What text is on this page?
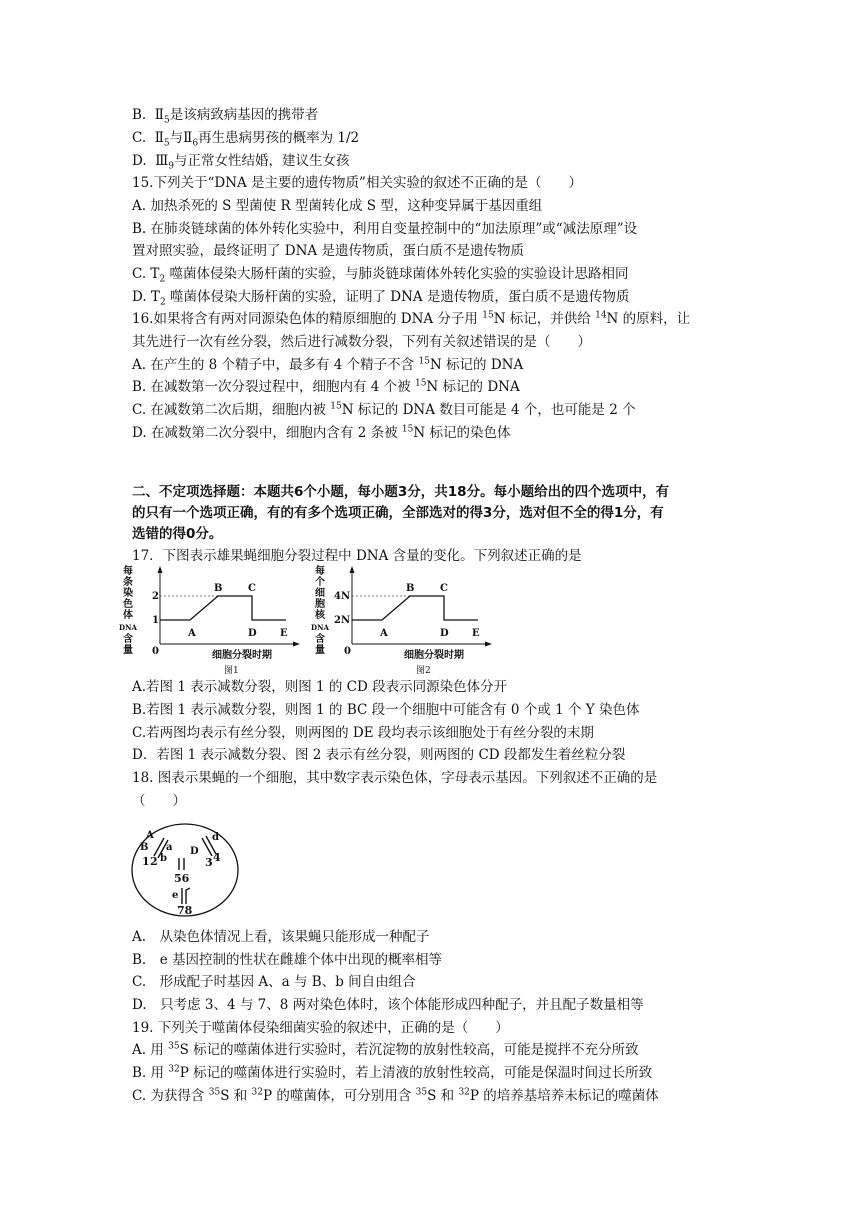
B.  $Ⅱ_5$是该病致病基因的携带者
C.  $Ⅱ_5$与$Ⅱ_6$再生患病男孩的概率为 1/2
D.  $Ⅲ_9$与正常女性结婚，建议生女孩
15.下列关于“DNA 是主要的遗传物质”相关实验的叙述不正确的是（　　）
A. 加热杀死的 S 型菌使 R 型菌转化成 S 型，这种变异属于基因重组
B. 在肺炎链球菌的体外转化实验中，利用自变量控制中的“加法原理”或“减法原理”设
置对照实验，最终证明了 DNA 是遗传物质，蛋白质不是遗传物质
C. $T_2$ 噬菌体侵染大肠杆菌的实验，与肺炎链球菌体外转化实验的实验设计思路相同
D. $T_2$ 噬菌体侵染大肠杆菌的实验，证明了 DNA 是遗传物质，蛋白质不是遗传物质
16.如果将含有两对同源染色体的精原细胞的 DNA 分子用 $^{15}$N 标记，并供给 $^{14}$N 的原料，让
其先进行一次有丝分裂，然后进行减数分裂，下列有关叙述错误的是（　　）
A. 在产生的 8 个精子中，最多有 4 个精子不含 $^{15}$N 标记的 DNA
B. 在减数第一次分裂过程中，细胞内有 4 个被 $^{15}$N 标记的 DNA
C. 在减数第二次后期，细胞内被 $^{15}$N 标记的 DNA 数目可能是 4 个，也可能是 2 个
D. 在减数第二次分裂中，细胞内含有 2 条被 $^{15}$N 标记的染色体
二、不定项选择题：本题共6个小题，每小题3分，共18分。每小题给出的四个选项中，有
的只有一个选项正确，有的有多个选项正确，全部选对的得3分，选对但不全的得1分，有
选错的得0分。
17．下图表示雄果蝇细胞分裂过程中 DNA 含量的变化。下列叙述正确的是
每
条
染
色
体
DNA
含
量
2
1
0
A
B	C
D E
细胞分裂时期
图1
每
个
细
胞
核
DNA
含
量
4N
2N
0
A
B	C
D E
细胞分裂时期
图2
A.若图 1 表示减数分裂，则图 1 的 CD 段表示同源染色体分开
B.若图 1 表示减数分裂，则图 1 的 BC 段一个细胞中可能含有 0 个或 1 个 Y 染色体
C.若两图均表示有丝分裂，则两图的 DE 段均表示该细胞处于有丝分裂的末期
D．若图 1 表示减数分裂、图 2 表示有丝分裂，则两图的 CD 段都发生着丝粒分裂
18. 图表示果蝇的一个细胞，其中数字表示染色体，字母表示基因。下列叙述不正确的是
（　　）
A
a
B
b
1 2
D
d
3 4
56
e
78
A.　从染色体情况上看，该果蝇只能形成一种配子
B.　e 基因控制的性状在雌雄个体中出现的概率相等
C.　形成配子时基因 A、a 与 B、b 间自由组合
D.　只考虑 3、4 与 7、8 两对染色体时，该个体能形成四种配子，并且配子数量相等
19. 下列关于噬菌体侵染细菌实验的叙述中，正确的是（　　）
A. 用 $^{35}$S 标记的噬菌体进行实验时，若沉淀物的放射性较高，可能是搅拌不充分所致
B. 用 $^{32}$P 标记的噬菌体进行实验时，若上清液的放射性较高，可能是保温时间过长所致
C. 为获得含 $^{35}$S 和 $^{32}$P 的噬菌体，可分别用含 $^{35}$S 和 $^{32}$P 的培养基培养未标记的噬菌体
